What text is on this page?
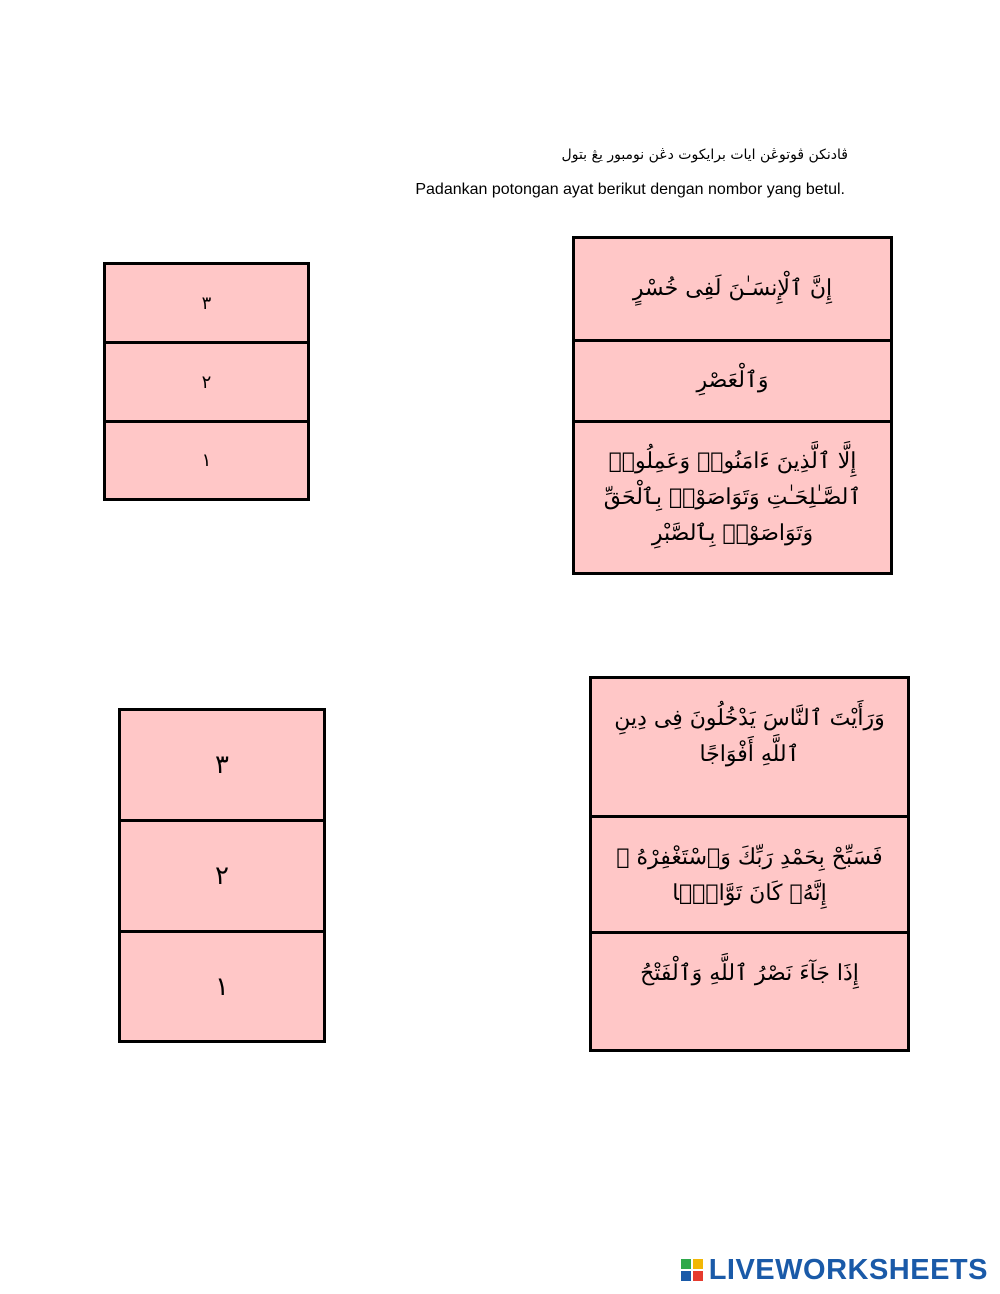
ڤادنكن ڤوتوڠن ايات برايكوت دڠن نومبور يڠ بتول
Padankan potongan ayat berikut dengan nombor yang betul.
٣
٢
١
إِنَّ ٱلْإِنسَـٰنَ لَفِى خُسْرٍ
وَٱلْعَصْرِ
إِلَّا ٱلَّذِينَ ءَامَنُوا۟ وَعَمِلُوا۟ ٱلصَّـٰلِحَـٰتِ وَتَوَاصَوْا۟ بِٱلْحَقِّ وَتَوَاصَوْا۟ بِٱلصَّبْرِ
٣
٢
١
وَرَأَيْتَ ٱلنَّاسَ يَدْخُلُونَ فِى دِينِ ٱللَّهِ أَفْوَاجًا
فَسَبِّحْ بِحَمْدِ رَبِّكَ وَٱسْتَغْفِرْهُ ۚ إِنَّهُۥ كَانَ تَوَّابًۢا
إِذَا جَآءَ نَصْرُ ٱللَّهِ وَٱلْفَتْحُ
LIVEWORKSHEETS
